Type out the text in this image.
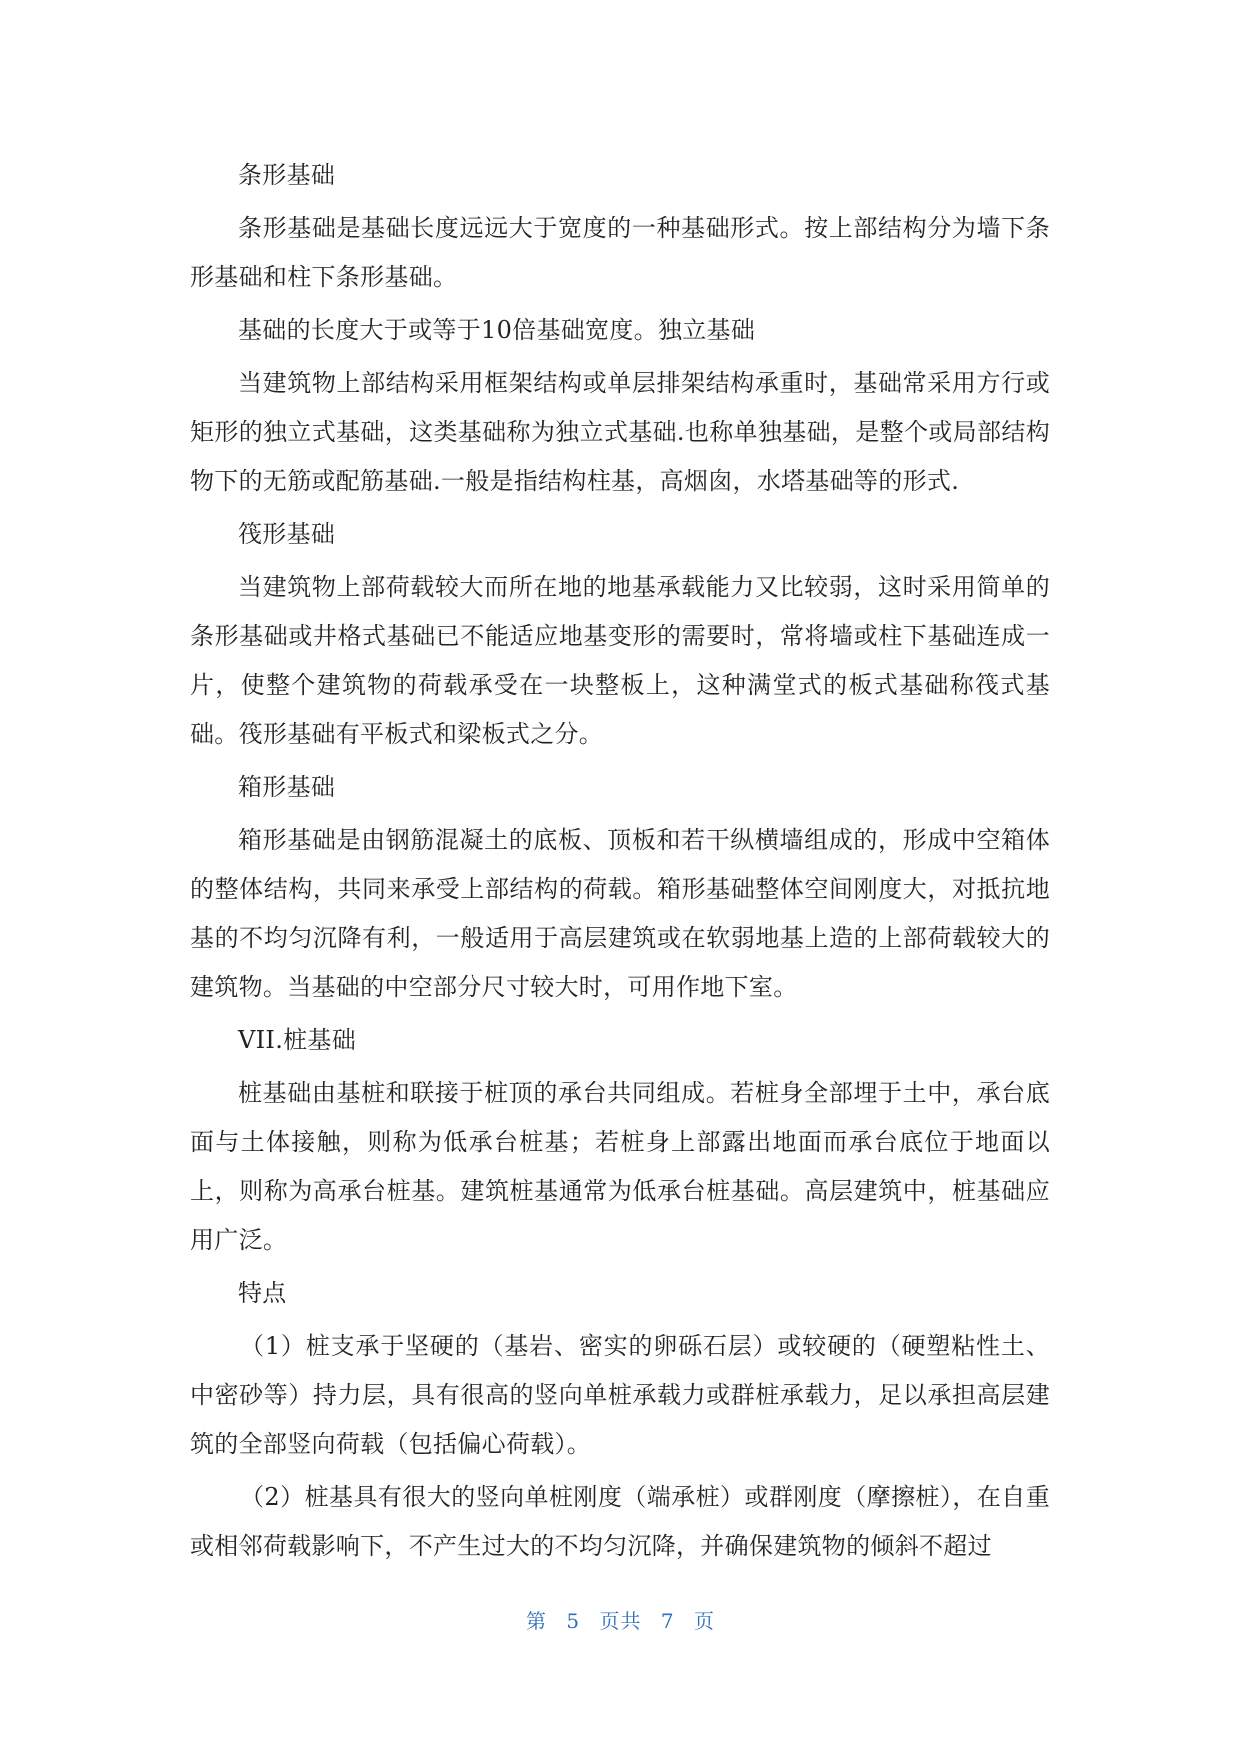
条形基础

条形基础是基础长度远远大于宽度的一种基础形式。按上部结构分为墙下条形基础和柱下条形基础。

基础的长度大于或等于10倍基础宽度。独立基础

当建筑物上部结构采用框架结构或单层排架结构承重时，基础常采用方行或矩形的独立式基础，这类基础称为独立式基础.也称单独基础，是整个或局部结构物下的无筋或配筋基础.一般是指结构柱基，高烟囱，水塔基础等的形式.

筏形基础

当建筑物上部荷载较大而所在地的地基承载能力又比较弱，这时采用简单的条形基础或井格式基础已不能适应地基变形的需要时，常将墙或柱下基础连成一片，使整个建筑物的荷载承受在一块整板上，这种满堂式的板式基础称筏式基础。筏形基础有平板式和梁板式之分。

箱形基础

箱形基础是由钢筋混凝土的底板、顶板和若干纵横墙组成的，形成中空箱体的整体结构，共同来承受上部结构的荷载。箱形基础整体空间刚度大，对抵抗地基的不均匀沉降有利，一般适用于高层建筑或在软弱地基上造的上部荷载较大的建筑物。当基础的中空部分尺寸较大时，可用作地下室。

VII.桩基础

桩基础由基桩和联接于桩顶的承台共同组成。若桩身全部埋于土中，承台底面与土体接触，则称为低承台桩基；若桩身上部露出地面而承台底位于地面以上，则称为高承台桩基。建筑桩基通常为低承台桩基础。高层建筑中，桩基础应用广泛。

特点

（1）桩支承于坚硬的（基岩、密实的卵砾石层）或较硬的（硬塑粘性土、中密砂等）持力层，具有很高的竖向单桩承载力或群桩承载力，足以承担高层建筑的全部竖向荷载（包括偏心荷载）。

（2）桩基具有很大的竖向单桩刚度（端承桩）或群刚度（摩擦桩），在自重或相邻荷载影响下，不产生过大的不均匀沉降，并确保建筑物的倾斜不超过

第 5 页共 7 页
